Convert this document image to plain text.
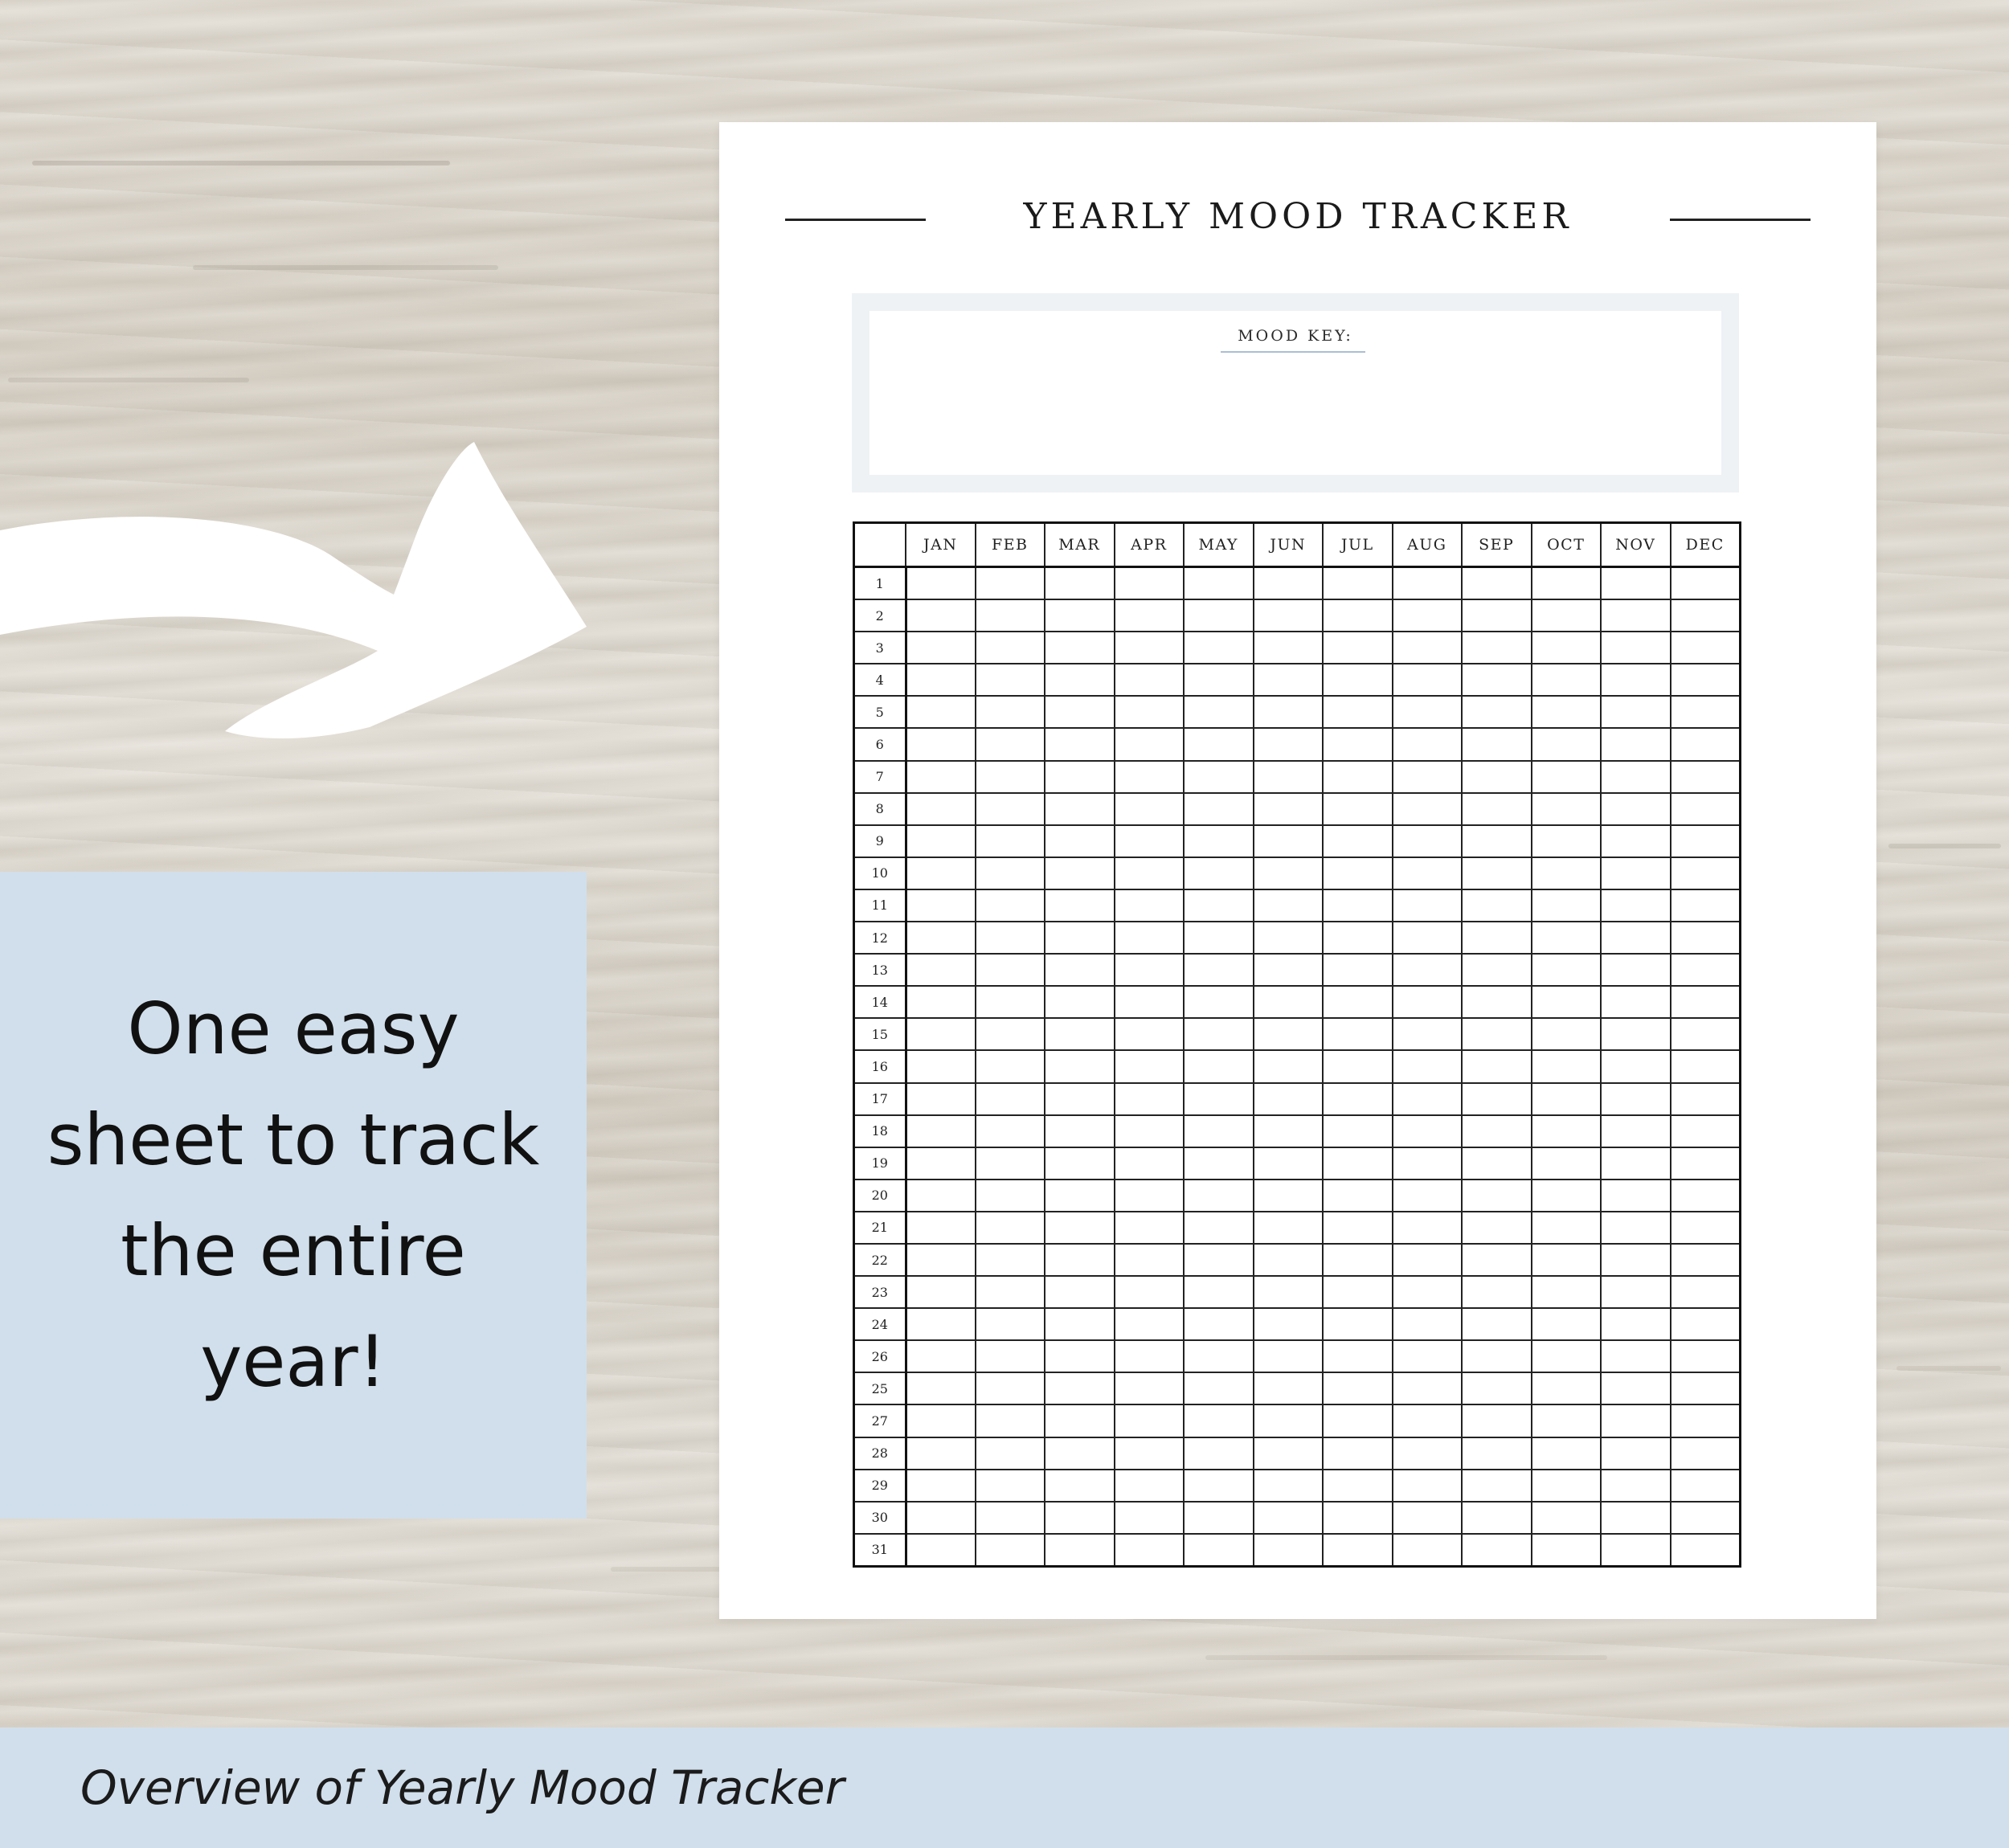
One easy sheet to track the entire year!

YEARLY MOOD TRACKER
MOOD KEY:
	JAN	FEB	MAR	APR	MAY	JUN	JUL	AUG	SEP	OCT	NOV	DEC
1												
2												
3												
4												
5												
6												
7												
8												
9												
10												
11												
12												
13												
14												
15												
16												
17												
18												
19												
20												
21												
22												
23												
24												
26												
25												
27												
28												
29												
30												
31												
Overview of Yearly Mood Tracker
